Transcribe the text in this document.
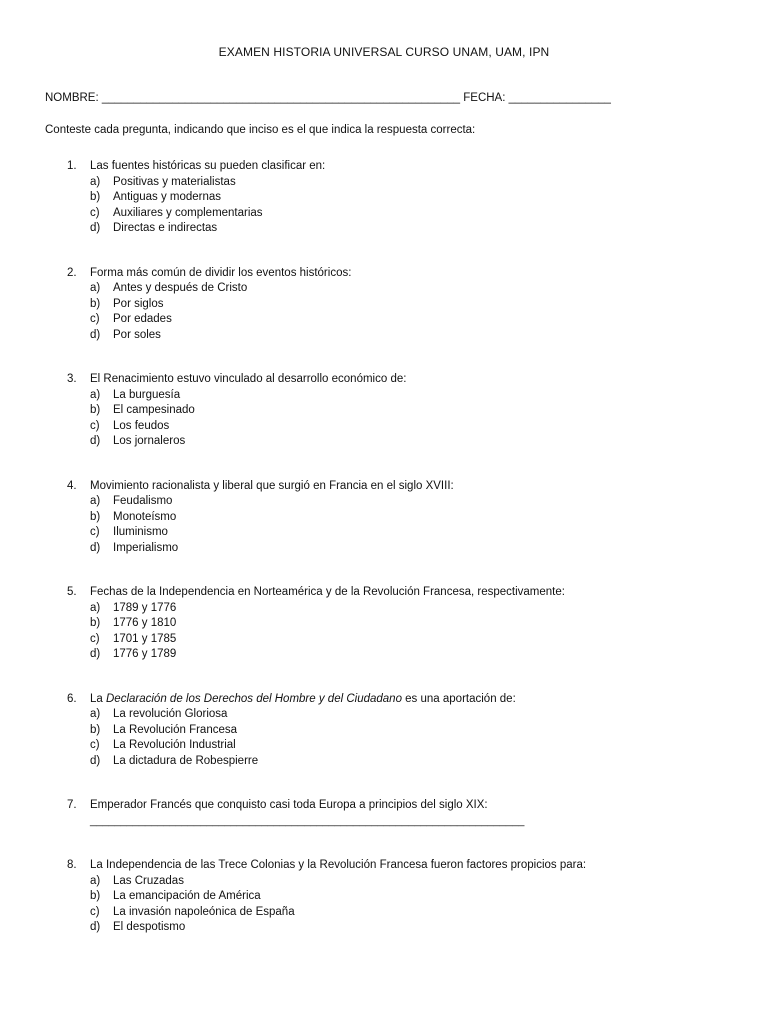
EXAMEN HISTORIA UNIVERSAL CURSO UNAM, UAM, IPN
NOMBRE: ________________________________________________________ FECHA: ________________
Conteste cada pregunta, indicando que inciso es el que indica la respuesta correcta:
1. Las fuentes históricas su pueden clasificar en:
a) Positivas y materialistas
b) Antiguas y modernas
c) Auxiliares y complementarias
d) Directas e indirectas
2. Forma más común de dividir los eventos históricos:
a) Antes y después de Cristo
b) Por siglos
c) Por edades
d) Por soles
3. El Renacimiento estuvo vinculado al desarrollo económico de:
a) La burguesía
b) El campesinado
c) Los feudos
d) Los jornaleros
4. Movimiento racionalista y liberal que surgió en Francia en el siglo XVIII:
a) Feudalismo
b) Monoteísmo
c) Iluminismo
d) Imperialismo
5. Fechas de la Independencia en Norteamérica y de la Revolución Francesa, respectivamente:
a) 1789 y 1776
b) 1776 y 1810
c) 1701 y 1785
d) 1776 y 1789
6. La Declaración de los Derechos del Hombre y del Ciudadano es una aportación de:
a) La revolución Gloriosa
b) La Revolución Francesa
c) La Revolución Industrial
d) La dictadura de Robespierre
7. Emperador Francés que conquisto casi toda Europa a principios del siglo XIX:
_______________________________________________________________________
8. La Independencia de las Trece Colonias y la Revolución Francesa fueron factores propicios para:
a) Las Cruzadas
b) La emancipación de América
c) La invasión napoleónica de España
d) El despotismo
